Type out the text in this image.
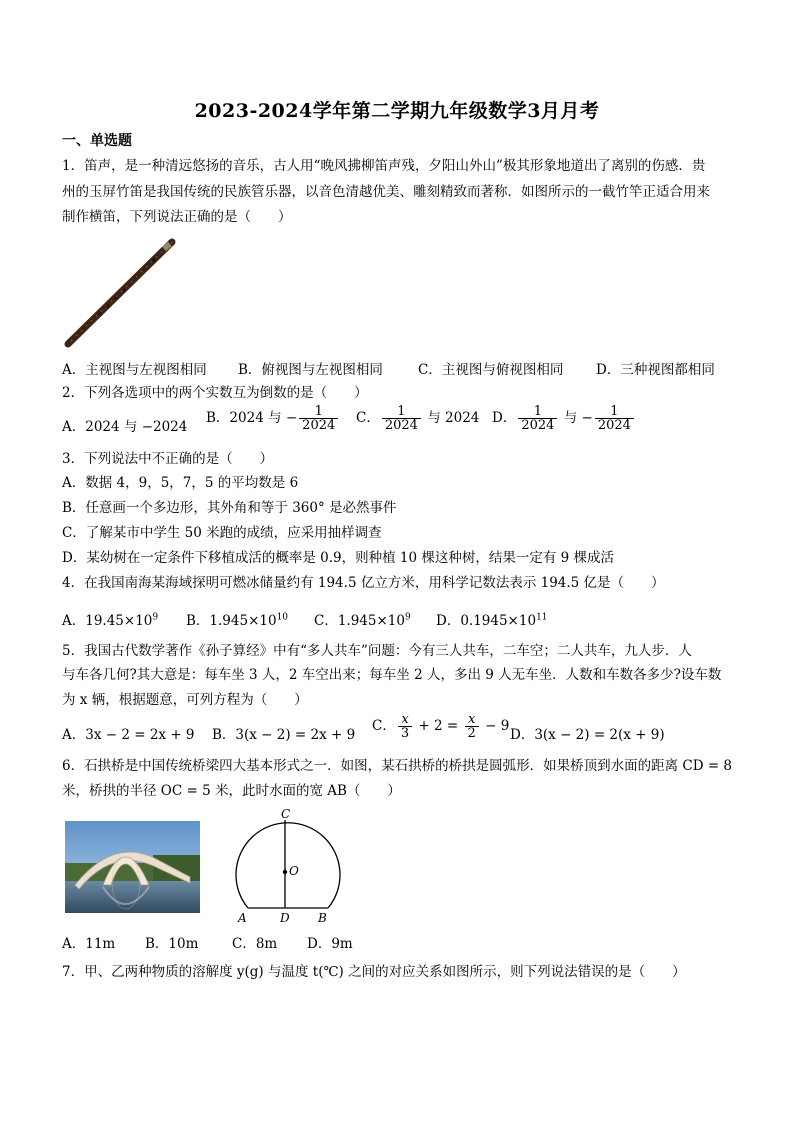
2023-2024学年第二学期九年级数学3月月考
一、单选题
1．笛声，是一种清远悠扬的音乐，古人用“晚风拂柳笛声残，夕阳山外山”极其形象地道出了离别的伤感．贵
州的玉屏竹笛是我国传统的民族管乐器，以音色清越优美、雕刻精致而著称．如图所示的一截竹竿正适合用来
制作横笛，下列说法正确的是（　　）
A．主视图与左视图相同 B．俯视图与左视图相同	C．主视图与俯视图相同 D．三种视图都相同
2．下列各选项中的两个实数互为倒数的是（　　）
A．2024 与 −2024
B．2024 与 − $\frac{1}{2024}$ C． $\frac{1}{2024}$ 与 2024 D． $\frac{1}{2024}$ 与 − $\frac{1}{2024}$
3．下列说法中不正确的是（　　）
A．数据 4，9，5，7，5 的平均数是 6
B．任意画一个多边形，其外角和等于 360° 是必然事件
C．了解某市中学生 50 米跑的成绩，应采用抽样调查
D．某幼树在一定条件下移植成活的概率是 0.9，则种植 10 棵这种树，结果一定有 9 棵成活
4．在我国南海某海域探明可燃冰储量约有 194.5 亿立方米，用科学记数法表示 194.5 亿是（　　）
A．$19.45\times 10^9$ B．$1.945\times 10^{10}$ C．$1.945\times 10^9$ D．$0.1945\times 10^{11}$
5．我国古代数学著作《孙子算经》中有“多人共车”问题：今有三人共车，二车空；二人共车，九人步．人
与车各几何?其大意是：每车坐 3 人，2 车空出来；每车坐 2 人，多出 9 人无车坐．人数和车数各多少?设车数
为 x 辆，根据题意，可列方程为（　　）
A．3x − 2 = 2x + 9 B．3(x − 2) = 2x + 9
C． $\frac{x}{3} + 2 = \frac{x}{2} - 9$
D．3(x − 2) = 2(x + 9)
6．石拱桥是中国传统桥梁四大基本形式之一．如图，某石拱桥的桥拱是圆弧形．如果桥顶到水面的距离 CD = 8
米，桥拱的半径 OC = 5 米，此时水面的宽 AB（　　）
C
O
A	D B
A．11m B．10m C．8m D．9m
7．甲、乙两种物质的溶解度 y(g) 与温度 t(℃) 之间的对应关系如图所示，则下列说法错误的是（　　）
